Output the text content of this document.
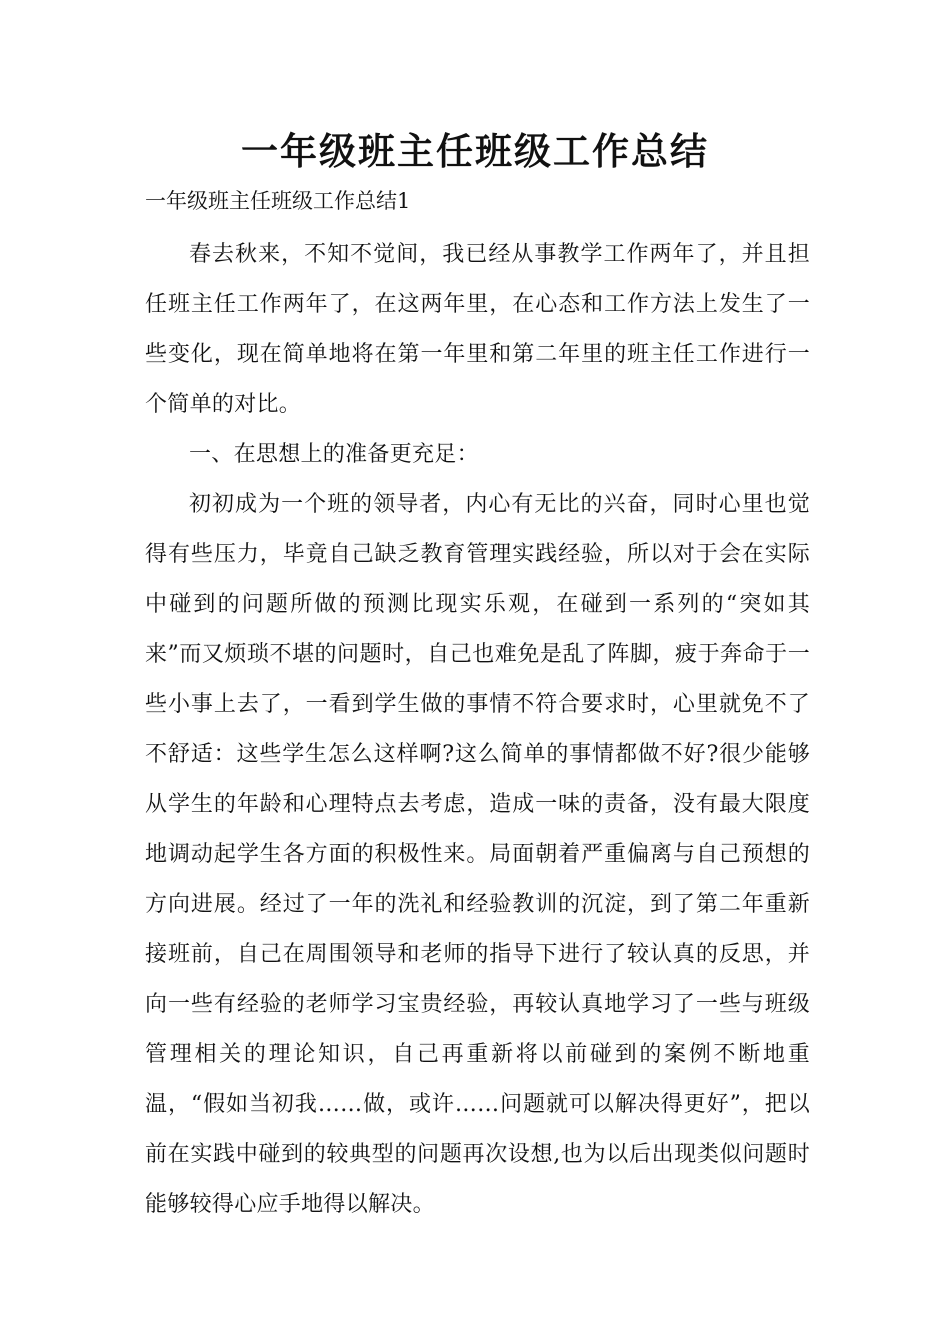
一年级班主任班级工作总结

一年级班主任班级工作总结1

春去秋来，不知不觉间，我已经从事教学工作两年了，并且担任班主任工作两年了，在这两年里，在心态和工作方法上发生了一些变化，现在简单地将在第一年里和第二年里的班主任工作进行一个简单的对比。

一、在思想上的准备更充足：

初初成为一个班的领导者，内心有无比的兴奋，同时心里也觉得有些压力，毕竟自己缺乏教育管理实践经验，所以对于会在实际中碰到的问题所做的预测比现实乐观，在碰到一系列的“突如其来”而又烦琐不堪的问题时，自己也难免是乱了阵脚，疲于奔命于一些小事上去了，一看到学生做的事情不符合要求时，心里就免不了不舒适：这些学生怎么这样啊?这么简单的事情都做不好?很少能够从学生的年龄和心理特点去考虑，造成一味的责备，没有最大限度地调动起学生各方面的积极性来。局面朝着严重偏离与自己预想的方向进展。经过了一年的洗礼和经验教训的沉淀，到了第二年重新接班前，自己在周围领导和老师的指导下进行了较认真的反思，并向一些有经验的老师学习宝贵经验，再较认真地学习了一些与班级管理相关的理论知识，自己再重新将以前碰到的案例不断地重温，“假如当初我……做，或许……问题就可以解决得更好”，把以前在实践中碰到的较典型的问题再次设想,也为以后出现类似问题时能够较得心应手地得以解决。
